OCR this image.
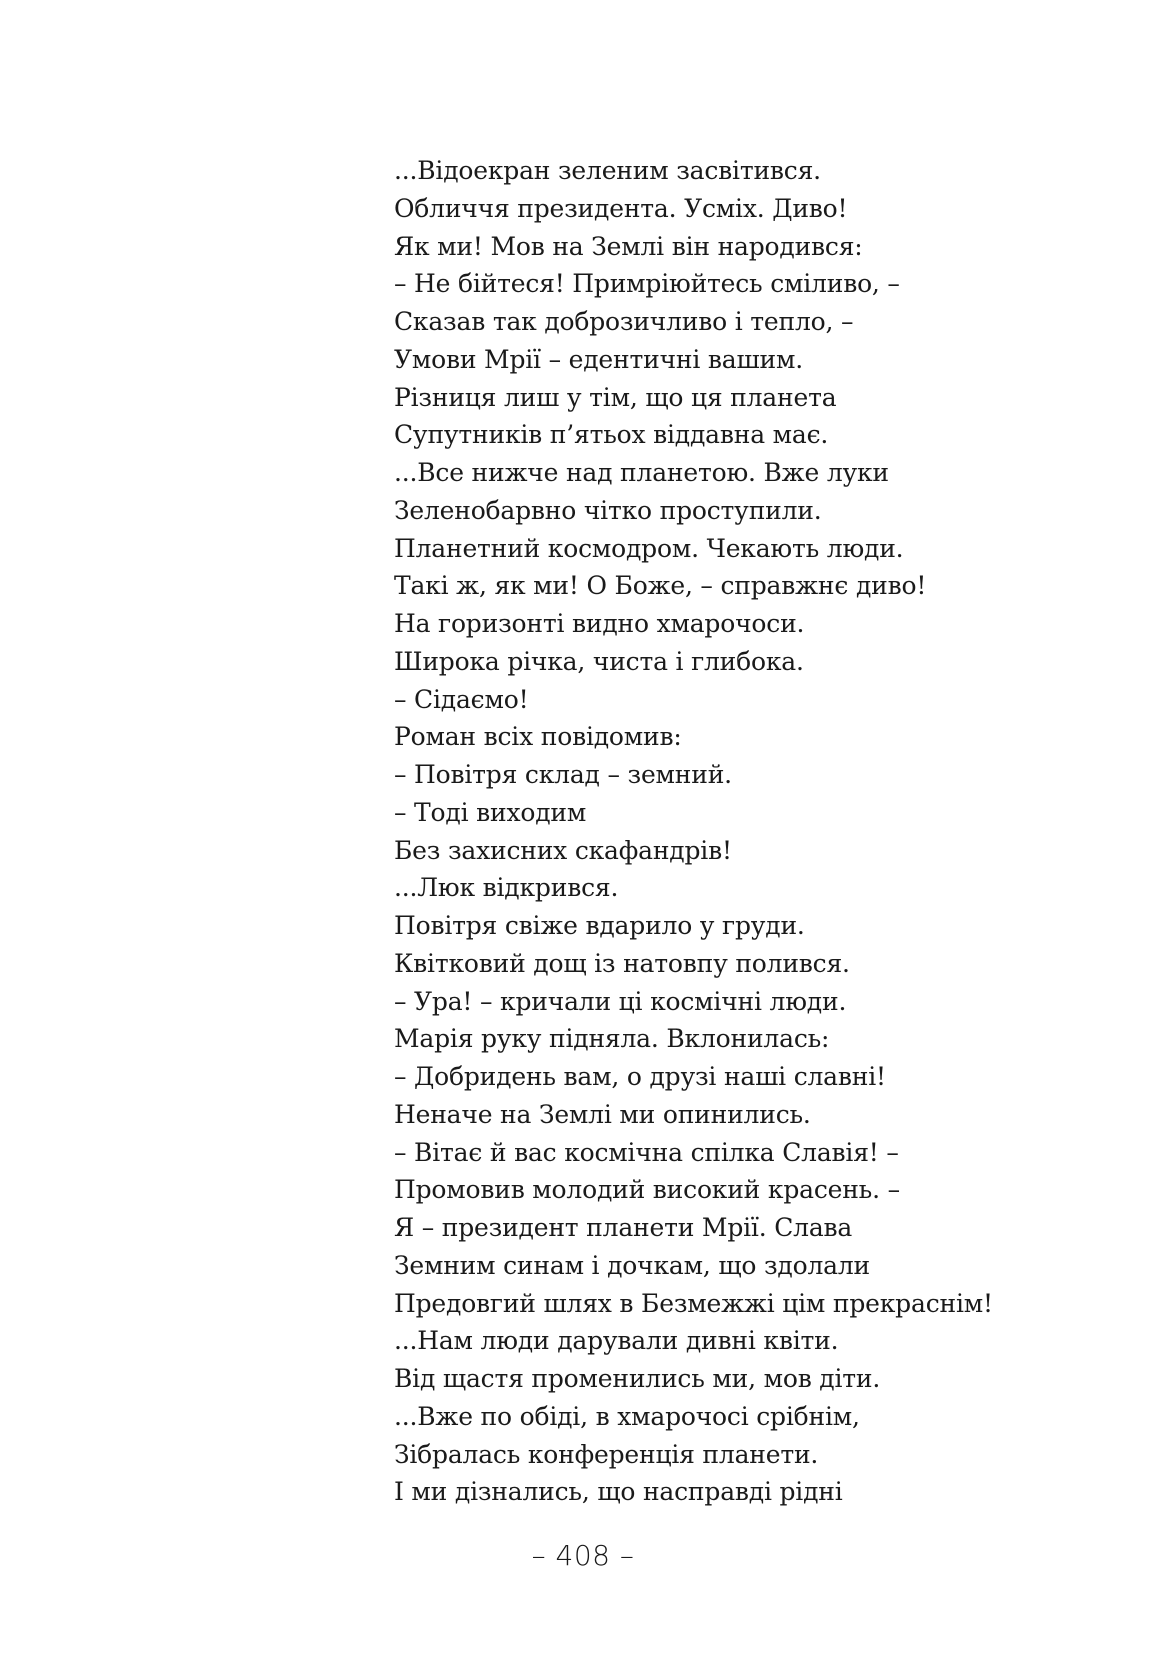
...Відоекран зеленим засвітився.
Обличчя президента. Усміх. Диво!
Як ми! Мов на Землі він народився:
– Не бійтеся! Примріюйтесь сміливо, –
Сказав так доброзичливо і тепло, –
Умови Мрії – едентичні вашим.
Різниця лиш у тім, що ця планета
Супутників п’ятьох віддавна має.
...Все нижче над планетою. Вже луки
Зеленобарвно чітко проступили.
Планетний космодром. Чекають люди.
Такі ж, як ми! О Боже, – справжнє диво!
На горизонті видно хмарочоси.
Широка річка, чиста і глибока.
– Сідаємо!
Роман всіх повідомив:
– Повітря склад – земний.
– Тоді виходим
Без захисних скафандрів!
...Люк відкрився.
Повітря свіже вдарило у груди.
Квітковий дощ із натовпу полився.
– Ура! – кричали ці космічні люди.
Марія руку підняла. Вклонилась:
– Добридень вам, о друзі наші славні!
Неначе на Землі ми опинились.
– Вітає й вас космічна спілка Славія! –
Промовив молодий високий красень. –
Я – президент планети Мрії. Слава
Земним синам і дочкам, що здолали
Предовгий шлях в Безмежжі цім прекраснім!
...Нам люди дарували дивні квіти.
Від щастя променились ми, мов діти.
...Вже по обіді, в хмарочосі срібнім,
Зібралась конференція планети.
І ми дізнались, що насправді рідні
– 408 –
